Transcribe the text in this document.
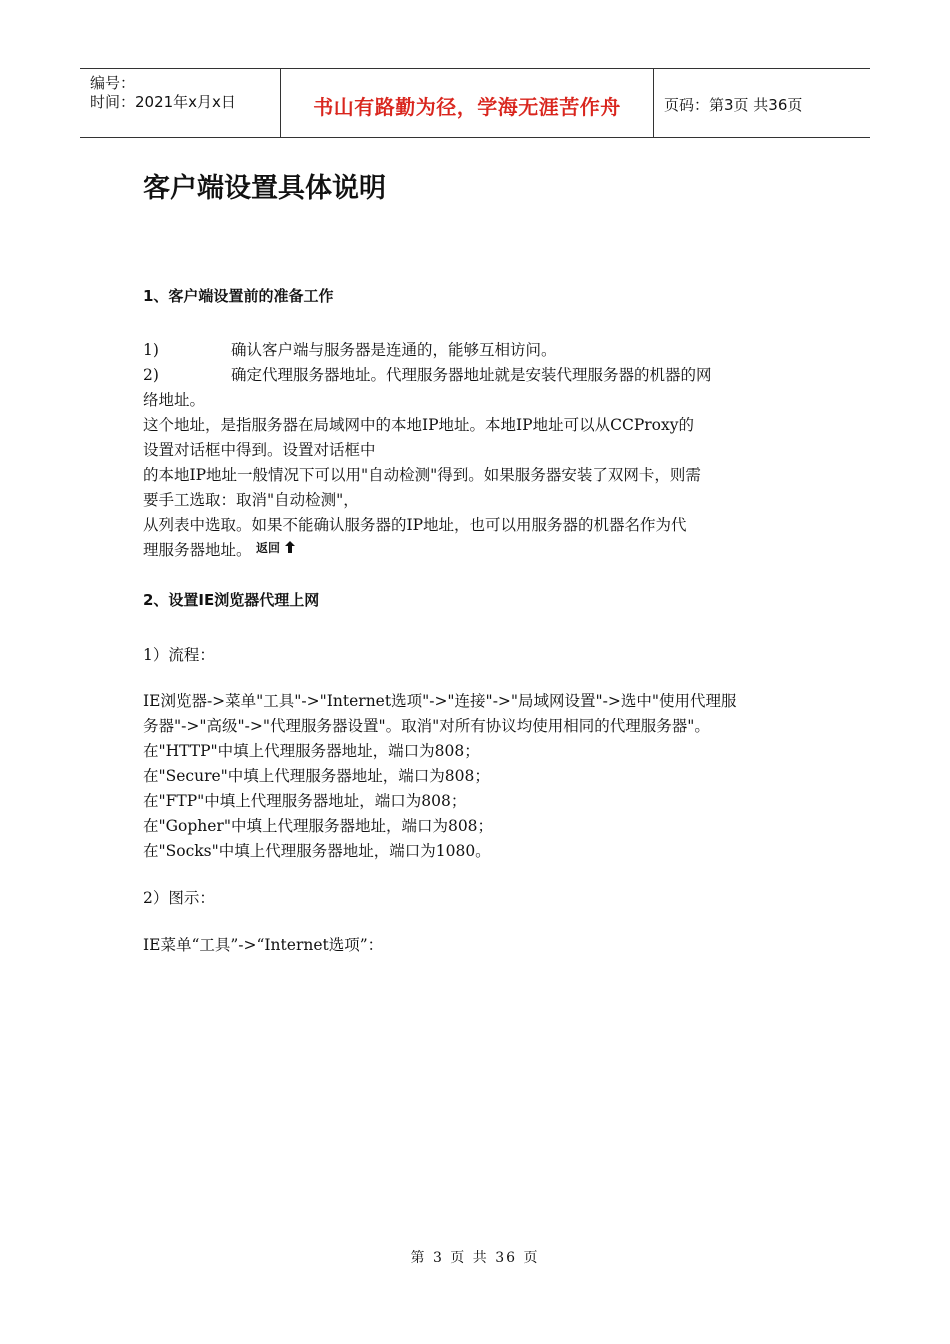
编号：
时间：2021年x月x日	书山有路勤为径，学海无涯苦作舟	页码：第3页 共36页
客户端设置具体说明
1、客户端设置前的准备工作
1)	确认客户端与服务器是连通的，能够互相访问。
2)	确定代理服务器地址。代理服务器地址就是安装代理服务器的机器的网
络地址。
这个地址，是指服务器在局域网中的本地IP地址。本地IP地址可以从CCProxy的
设置对话框中得到。设置对话框中
的本地IP地址一般情况下可以用"自动检测"得到。如果服务器安装了双网卡，则需
要手工选取：取消"自动检测"，
从列表中选取。如果不能确认服务器的IP地址，也可以用服务器的机器名作为代
理服务器地址。 返回
2、设置IE浏览器代理上网
1）流程：
IE浏览器->菜单"工具"->"Internet选项"->"连接"->"局域网设置"->选中"使用代理服
务器"->"高级"->"代理服务器设置"。取消"对所有协议均使用相同的代理服务器"。
在"HTTP"中填上代理服务器地址，端口为808；
在"Secure"中填上代理服务器地址，端口为808；
在"FTP"中填上代理服务器地址，端口为808；
在"Gopher"中填上代理服务器地址，端口为808；
在"Socks"中填上代理服务器地址，端口为1080。
2）图示：
IE菜单“工具”->“Internet选项”：
第 3 页 共 36 页
